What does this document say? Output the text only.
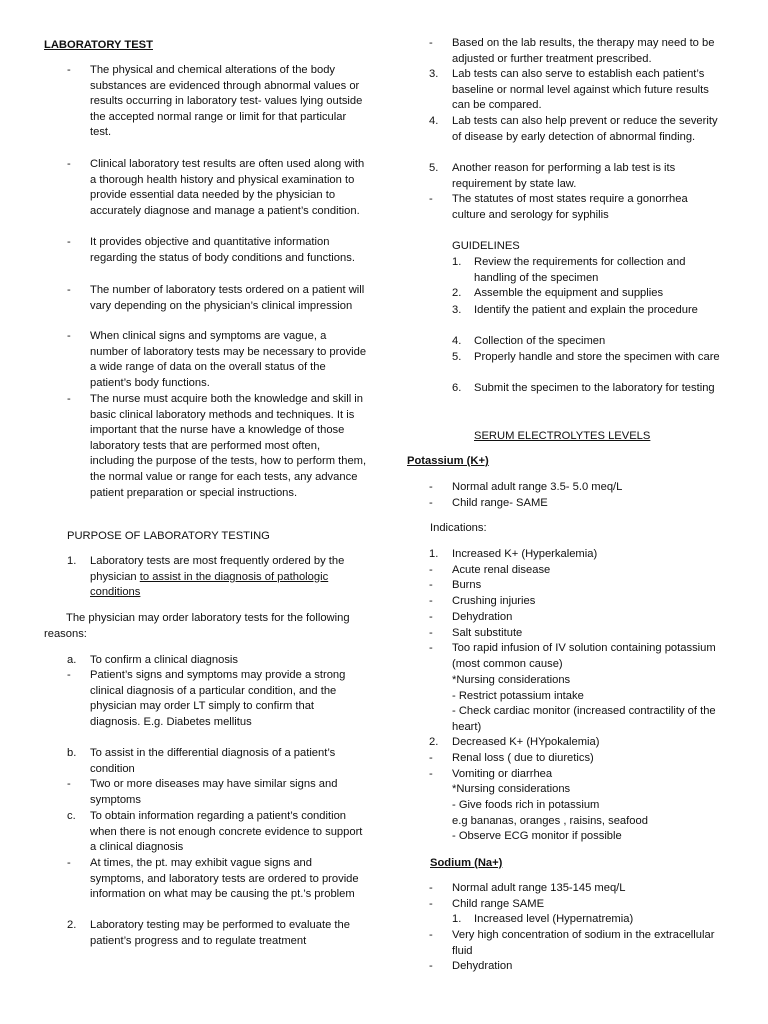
LABORATORY TEST
-	The physical and chemical alterations of the body substances are evidenced through abnormal values or results occurring in laboratory test- values lying outside the accepted normal range or limit for that particular test.
-	Clinical laboratory test results are often used along with a thorough health history and physical examination to provide essential data needed by the physician to accurately diagnose and manage a patient’s condition.
-	It provides objective and quantitative information regarding the status of body conditions and functions.
-	The number of laboratory tests ordered on a patient will vary depending on the physician’s clinical impression
-	When clinical signs and symptoms are vague, a number of laboratory tests may be necessary to provide a wide range of data on the overall status of the patient’s body functions.
-	The nurse must acquire both the knowledge and skill in basic clinical laboratory methods and techniques. It is important that the nurse have a knowledge of those laboratory tests that are performed most often, including the purpose of the tests, how to perform them, the normal value or range for each tests, any advance patient preparation or special instructions.
PURPOSE OF LABORATORY TESTING
1.	Laboratory tests are most frequently ordered by the physician to assist in the diagnosis of pathologic conditions
The physician may order laboratory tests for the following reasons:
a.	To confirm a clinical diagnosis
-	Patient’s signs and symptoms may provide a strong clinical diagnosis of a particular condition, and the physician may order LT simply to confirm that diagnosis. E.g. Diabetes mellitus
b.	To assist in the differential diagnosis of a patient’s condition
-	Two or more diseases may have similar signs and symptoms
c.	To obtain information regarding a patient’s condition when there is not enough concrete evidence to support a clinical diagnosis
-	At times, the pt. may exhibit vague signs and symptoms, and laboratory tests are ordered to provide information on what may be causing the pt.’s problem
2.	Laboratory testing may be performed to evaluate the patient’s progress and to regulate treatment
-	Based on the lab results, the therapy may need to be adjusted or further treatment prescribed.
3.	Lab tests can also serve to establish each patient’s baseline or normal level against which future results can be compared.
4.	Lab tests can also help prevent or reduce the severity of disease by early detection of abnormal finding.
5.	Another reason for performing a lab test is its requirement by state law.
-	The statutes of most states require a gonorrhea culture and serology for syphilis
GUIDELINES
1.	Review the requirements for collection and handling of the specimen
2.	Assemble the equipment and supplies
3.	Identify the patient and explain the procedure
4.	Collection of the specimen
5.	Properly handle and store the specimen with care
6.	Submit the specimen to the laboratory for testing
SERUM ELECTROLYTES LEVELS
Potassium (K+)
-	Normal adult range 3.5- 5.0 meq/L
-	Child range- SAME
Indications:
1.	Increased K+ (Hyperkalemia)
-	Acute renal disease
-	Burns
-	Crushing injuries
-	Dehydration
-	Salt substitute
-	Too rapid infusion of IV solution containing potassium (most common cause)
*Nursing considerations
- Restrict potassium intake
- Check cardiac monitor (increased contractility of the heart)
2.	Decreased K+ (HYpokalemia)
-	Renal loss ( due to diuretics)
-	Vomiting or diarrhea
*Nursing considerations
- Give foods rich in potassium
e.g bananas, oranges , raisins, seafood
- Observe ECG monitor if possible
Sodium (Na+)
-	Normal adult range 135-145 meq/L
-	Child range SAME
1.	Increased level (Hypernatremia)
-	Very high concentration of sodium in the extracellular fluid
-	Dehydration
